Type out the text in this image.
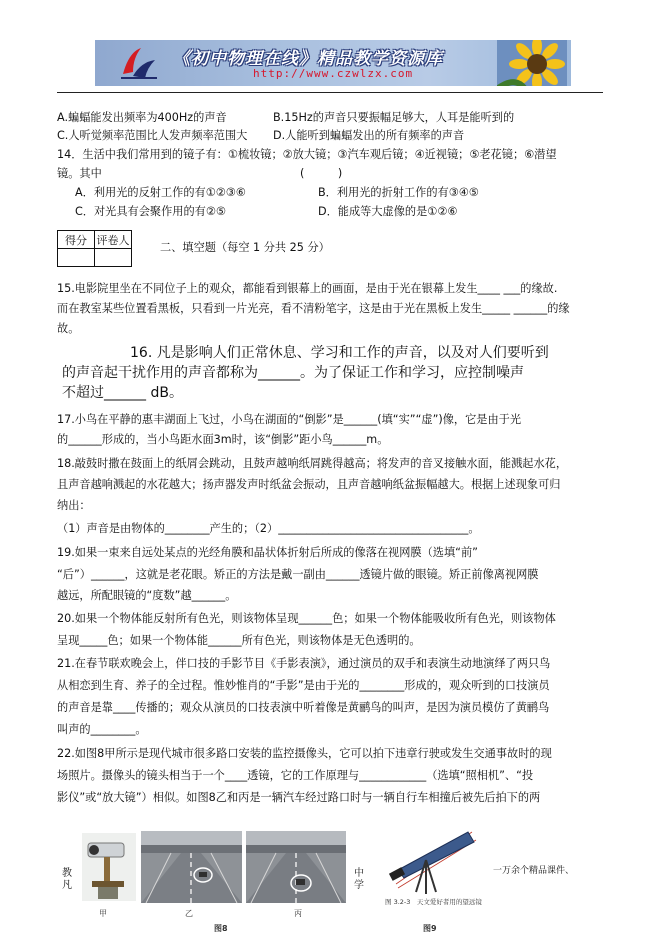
《初中物理在线》精品教学资源库
http://www.czwlzx.com
A.蝙蝠能发出频率为400Hz的声音	B.15Hz的声音只要振幅足够大，人耳是能听到的
C.人听觉频率范围比人发声频率范围大 D.人能听到蝙蝠发出的所有频率的声音
14．生活中我们常用到的镜子有：①梳妆镜；②放大镜；③汽车观后镜；④近视镜；⑤老花镜；⑥潜望
镜。其中	(　　　)
A．利用光的反射工作的有①②③⑥	B．利用光的折射工作的有③④⑤
C．对光具有会聚作用的有②⑤	D．能成等大虚像的是①②⑥
得分	评卷人

二、填空题（每空 1 分共 25 分）
15.电影院里坐在不同位子上的观众，都能看到银幕上的画面，是由于光在银幕上发生____ ___的缘故.
而在教室某些位置看黑板，只看到一片光亮，看不清粉笔字，这是由于光在黑板上发生_____ ______的缘
故。
16. 凡是影响人们正常休息、学习和工作的声音，以及对人们要听到
的声音起干扰作用的声音都称为______。为了保证工作和学习，应控制噪声
不超过______ dB。
17.小鸟在平静的惠丰湖面上飞过，小鸟在湖面的“倒影”是______(填“实”“虚”)像，它是由于光
的______形成的，当小鸟距水面3m时，该“倒影”距小鸟______m。
18.敲鼓时撒在鼓面上的纸屑会跳动，且鼓声越响纸屑跳得越高；将发声的音叉接触水面，能溅起水花，
且声音越响溅起的水花越大；扬声器发声时纸盆会振动，且声音越响纸盆振幅越大。根据上述现象可归
纳出：
（1）声音是由物体的________产生的；（2）__________________________________。
19.如果一束来自远处某点的光经角膜和晶状体折射后所成的像落在视网膜（选填“前”
“后”）______，这就是老花眼。矫正的方法是戴一副由______透镜片做的眼镜。矫正前像离视网膜
越远，所配眼镜的“度数”越______。
20.如果一个物体能反射所有色光，则该物体呈现______色；如果一个物体能吸收所有色光，则该物体
呈现_____色；如果一个物体能______所有色光，则该物体是无色透明的。
21.在春节联欢晚会上，伴口技的手影节目《手影表演》，通过演员的双手和表演生动地演绎了两只鸟
从相恋到生育、养子的全过程。惟妙惟肖的“手影”是由于光的________形成的，观众听到的口技演员
的声音是靠____传播的；观众从演员的口技表演中听着像是黄鹂鸟的叫声，是因为演员模仿了黄鹂鸟
叫声的________。
22.如图8甲所示是现代城市很多路口安装的监控摄像头，它可以拍下违章行驶或发生交通事故时的现
场照片。摄像头的镜头相当于一个____透镜，它的工作原理与____________（选填“照相机”、“投
影仪”或“放大镜”）相似。如图8乙和丙是一辆汽车经过路口时与一辆自行车相撞后被先后拍下的两
教
凡
中
学
一万余个精品课件、
甲	乙	丙
图8
图 3.2-3　天文爱好者用的望远镜
图9
